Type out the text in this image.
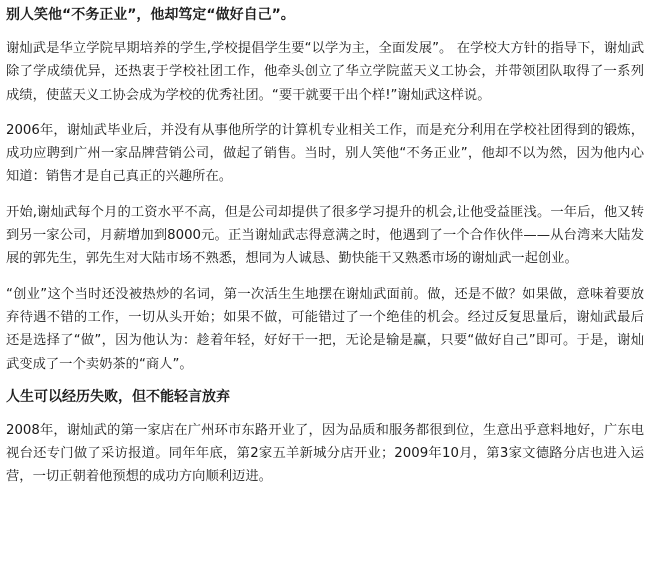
别人笑他“不务正业”，他却笃定“做好自己”。

谢灿武是华立学院早期培养的学生,学校提倡学生要“以学为主，全面发展”。 在学校大方针的指导下，谢灿武除了学成绩优异，还热衷于学校社团工作，他牵头创立了华立学院蓝天义工协会，并带领团队取得了一系列成绩，使蓝天义工协会成为学校的优秀社团。“要干就要干出个样!”谢灿武这样说。

2006年，谢灿武毕业后，并没有从事他所学的计算机专业相关工作，而是充分利用在学校社团得到的锻炼，成功应聘到广州一家品牌营销公司，做起了销售。当时，别人笑他“不务正业”，他却不以为然，因为他内心知道：销售才是自己真正的兴趣所在。

开始,谢灿武每个月的工资水平不高，但是公司却提供了很多学习提升的机会,让他受益匪浅。一年后，他又转到另一家公司，月薪增加到8000元。正当谢灿武志得意满之时，他遇到了一个合作伙伴——从台湾来大陆发展的郭先生，郭先生对大陆市场不熟悉，想同为人诚恳、勤快能干又熟悉市场的谢灿武一起创业。

“创业”这个当时还没被热炒的名词，第一次活生生地摆在谢灿武面前。做，还是不做？如果做，意味着要放弃待遇不错的工作，一切从头开始；如果不做，可能错过了一个绝佳的机会。经过反复思量后，谢灿武最后还是选择了“做”，因为他认为：趁着年轻，好好干一把，无论是输是赢，只要“做好自己”即可。于是，谢灿武变成了一个卖奶茶的“商人”。

人生可以经历失败，但不能轻言放弃

2008年，谢灿武的第一家店在广州环市东路开业了，因为品质和服务都很到位，生意出乎意料地好，广东电视台还专门做了采访报道。同年年底，第2家五羊新城分店开业；2009年10月，第3家文德路分店也进入运营，一切正朝着他预想的成功方向顺利迈进。
